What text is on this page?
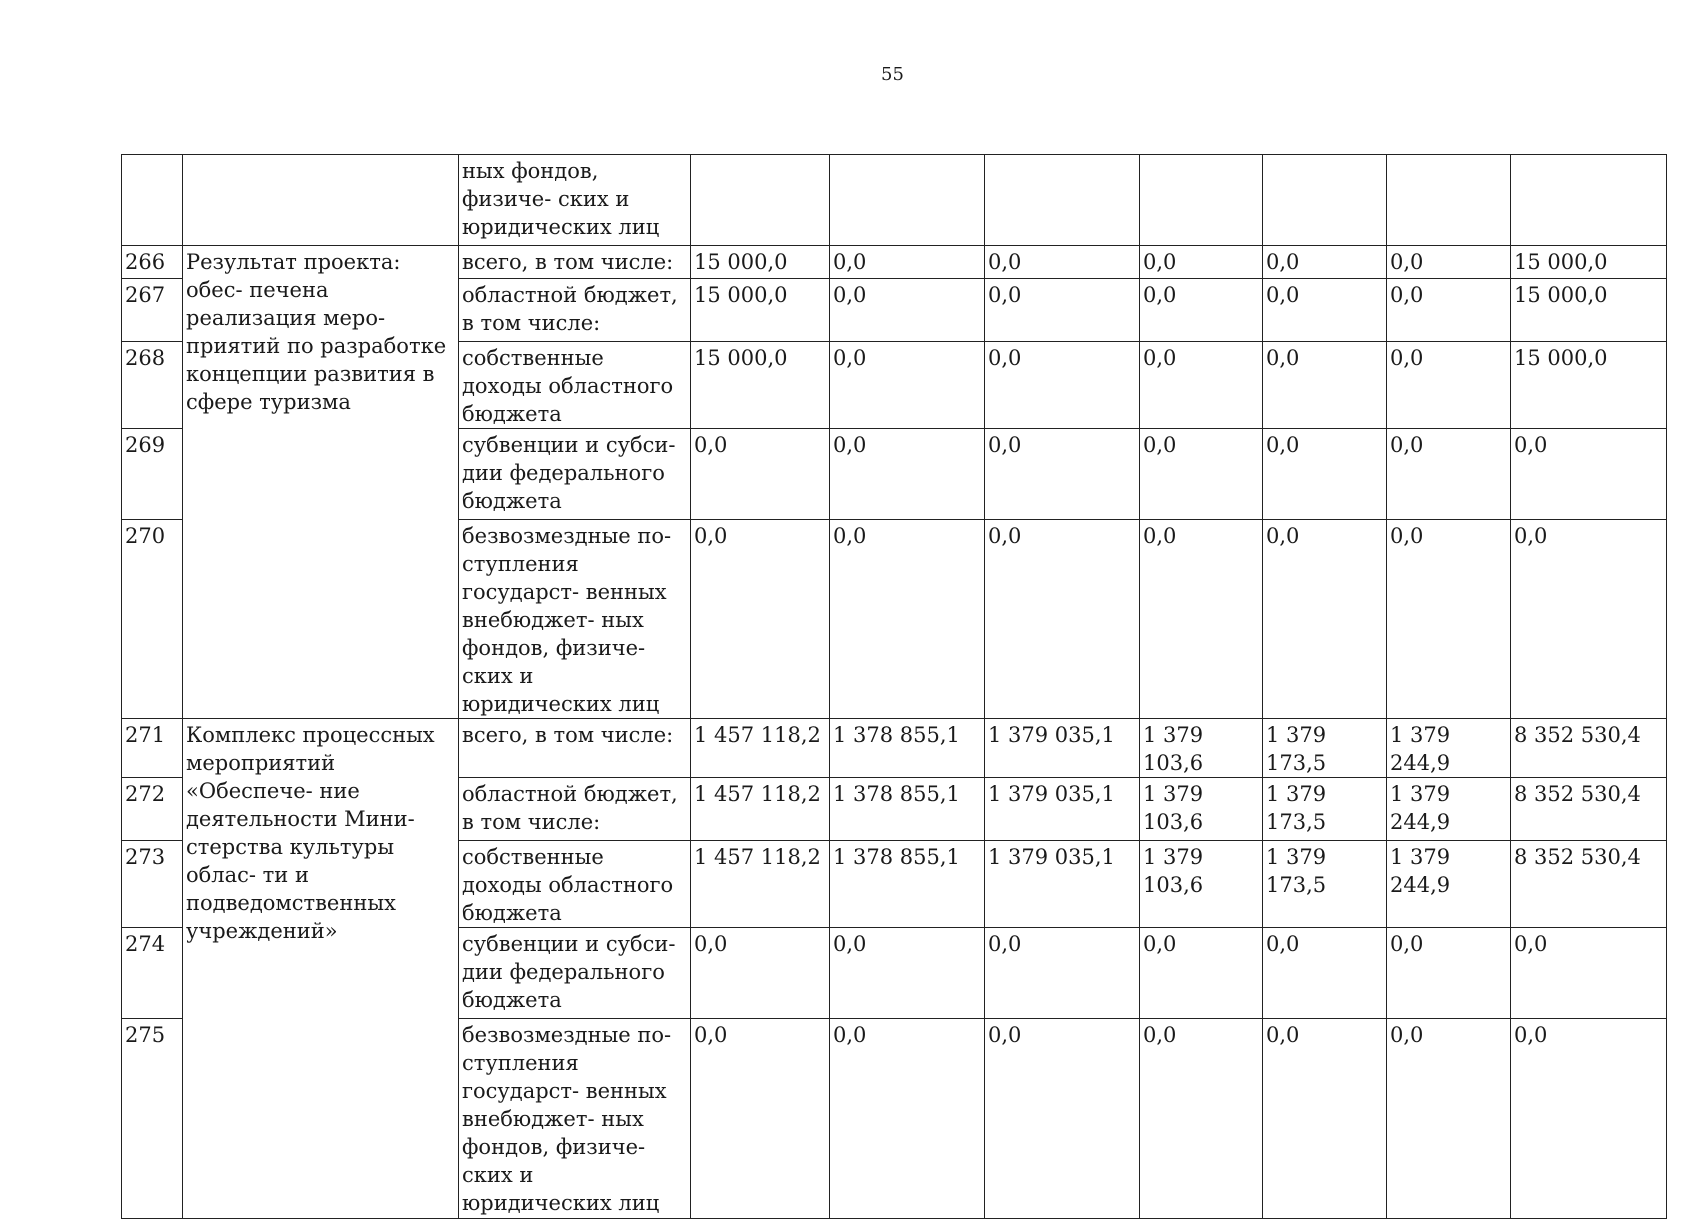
55
		ных фондов, физиче- ских и юридических лиц							
266	Результат проекта: обес- печена реализация меро- приятий по разработке концепции развития в сфере туризма	всего, в том числе:	15 000,0	0,0	0,0	0,0	0,0	0,0	15 000,0
267		областной бюджет, в том числе:	15 000,0	0,0	0,0	0,0	0,0	0,0	15 000,0
268		собственные доходы областного бюджета	15 000,0	0,0	0,0	0,0	0,0	0,0	15 000,0
269		субвенции и субси- дии федерального бюджета	0,0	0,0	0,0	0,0	0,0	0,0	0,0
270		безвозмездные по- ступления государст- венных внебюджет- ных фондов, физиче- ских и юридических лиц	0,0	0,0	0,0	0,0	0,0	0,0	0,0
271	Комплекс процессных мероприятий «Обеспече- ние деятельности Мини- стерства культуры облас- ти и подведомственных учреждений»	всего, в том числе:	1 457 118,2	1 378 855,1	1 379 035,1	1 379 103,6	1 379 173,5	1 379 244,9	8 352 530,4
272		областной бюджет, в том числе:	1 457 118,2	1 378 855,1	1 379 035,1	1 379 103,6	1 379 173,5	1 379 244,9	8 352 530,4
273		собственные доходы областного бюджета	1 457 118,2	1 378 855,1	1 379 035,1	1 379 103,6	1 379 173,5	1 379 244,9	8 352 530,4
274		субвенции и субси- дии федерального бюджета	0,0	0,0	0,0	0,0	0,0	0,0	0,0
275		безвозмездные по- ступления государст- венных внебюджет- ных фондов, физиче- ских и юридических лиц	0,0	0,0	0,0	0,0	0,0	0,0	0,0
